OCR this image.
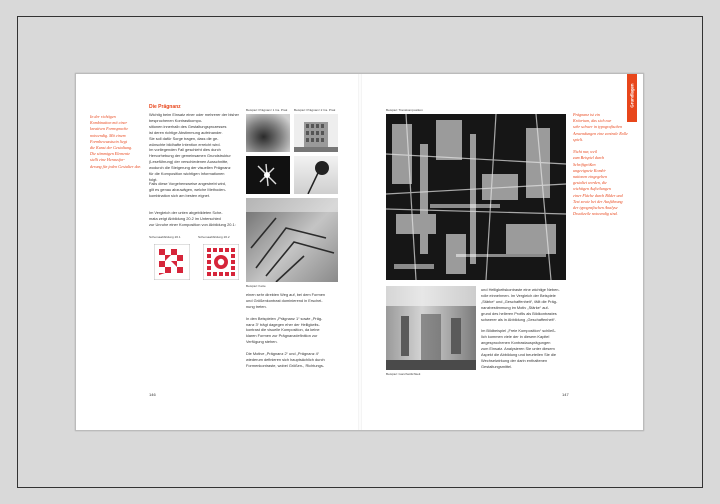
In der richtigen
Kombination mit einer
kreativen Formsprache
notwendig. Mit einem
Formbewusstsein liegt
die Kunst der Gestaltung.
Die stimmigen Elemente
stellt eine Herausfor-
derung für jeden Gestalter dar.

Die Prägnanz

Wichtig beim Einsatz einer oder mehrerer der bisher besprochenen Kontrastkompo-
sitionen innerhalb des Gestaltungsprozesses
ist deren richtige Abstimmung aufeinander.
Sie soll dafür Sorge tragen, dass die ge-
wünschte bildhafte Intention erreicht wird.
Im vorliegenden Fall geschieht dies durch
Hervorhebung der gemeinsamen Grundstruktur
(Leseführung) der verschiedenen Ausschnitte,
wodurch die Steigerung der visuellen Prägnanz
für die Komposition wichtigen Informationen
folgt.

Falls diese Vorgehensweise angestrebt wird,
gilt es genau abzuwägen, welche Methoden-
kombination sich am besten eignet.

Im Vergleich der unten abgebildeten Sche-
mata zeigt Abbildung 20.2 im Unterschied
zur Unruhe einer Komposition von Abbildung 20.1:

Schemaabbildung 20.1	Schemaabbildung 20.2
Beispiel: Prägnanz 1 Ca. Prak Beispiel: Prägnanz 2 Ca. Prak
Beispiel: Kette

einen sehr direkten Weg auf, bei dem Formen
und Größenkontrast dominierend in Erschei-
nung treten.

In den Beispielen „Prägnanz 1“ sowie „Präg-
nanz 3“ trägt dagegen eher der Helligkeits-
kontrast die visuelle Komposition, da keine
klaren Formen zur Prägnanzdefinition zur
Verfügung stehen.

Die Motive „Prägnanz 2“ und „Prägnanz 4“
wiederum definieren sich hauptsächlich durch
Formenkontraste, wobei Größen-, Richtungs-

146
Grundlagen
Beispiel: Transkomposition
Beispiel: Ganzheitlichkeit

Prägnanz ist ein
Kriterium, das sich nur
sehr schwer in typografischen
Anwendungen eine zentrale Rolle
spielt.

Nicht nur, weil
zum Beispiel durch
Schriftgrößen
ungeeignete Kombi-
nationen eingegeben
gestaltet werden, die
wichtigen Aufteilungen
einer Fläche durch Bilder und
Text sowie bei der Ausführung
der typografischen Analyse
Druckzeile notwendig sind.

und Helligkeitskontraste eine wichtige Neben-
rolle einnehmen. Im Vergleich der Beispiele
„Stärke“ und „Geschaffenheit“, fällt die Präg-
nanzbestimmung im Motiv „Stärke“ auf-
grund des helleren Profils als Bildkontrastes
schwerer als in Abbildung „Geschaffenheit“.

Im Bildbeispiel „Freie Komposition“ schließ-
lich kommen viele der in diesem Kapitel
angesprochenen Kontrastausprägungen
zum Einsatz. Analysieren Sie unter diesem
Aspekt die Abbildung und beurteilen Sie die
Wechselwirkung der darin enthaltenen
Gestaltungsmittel.

147
